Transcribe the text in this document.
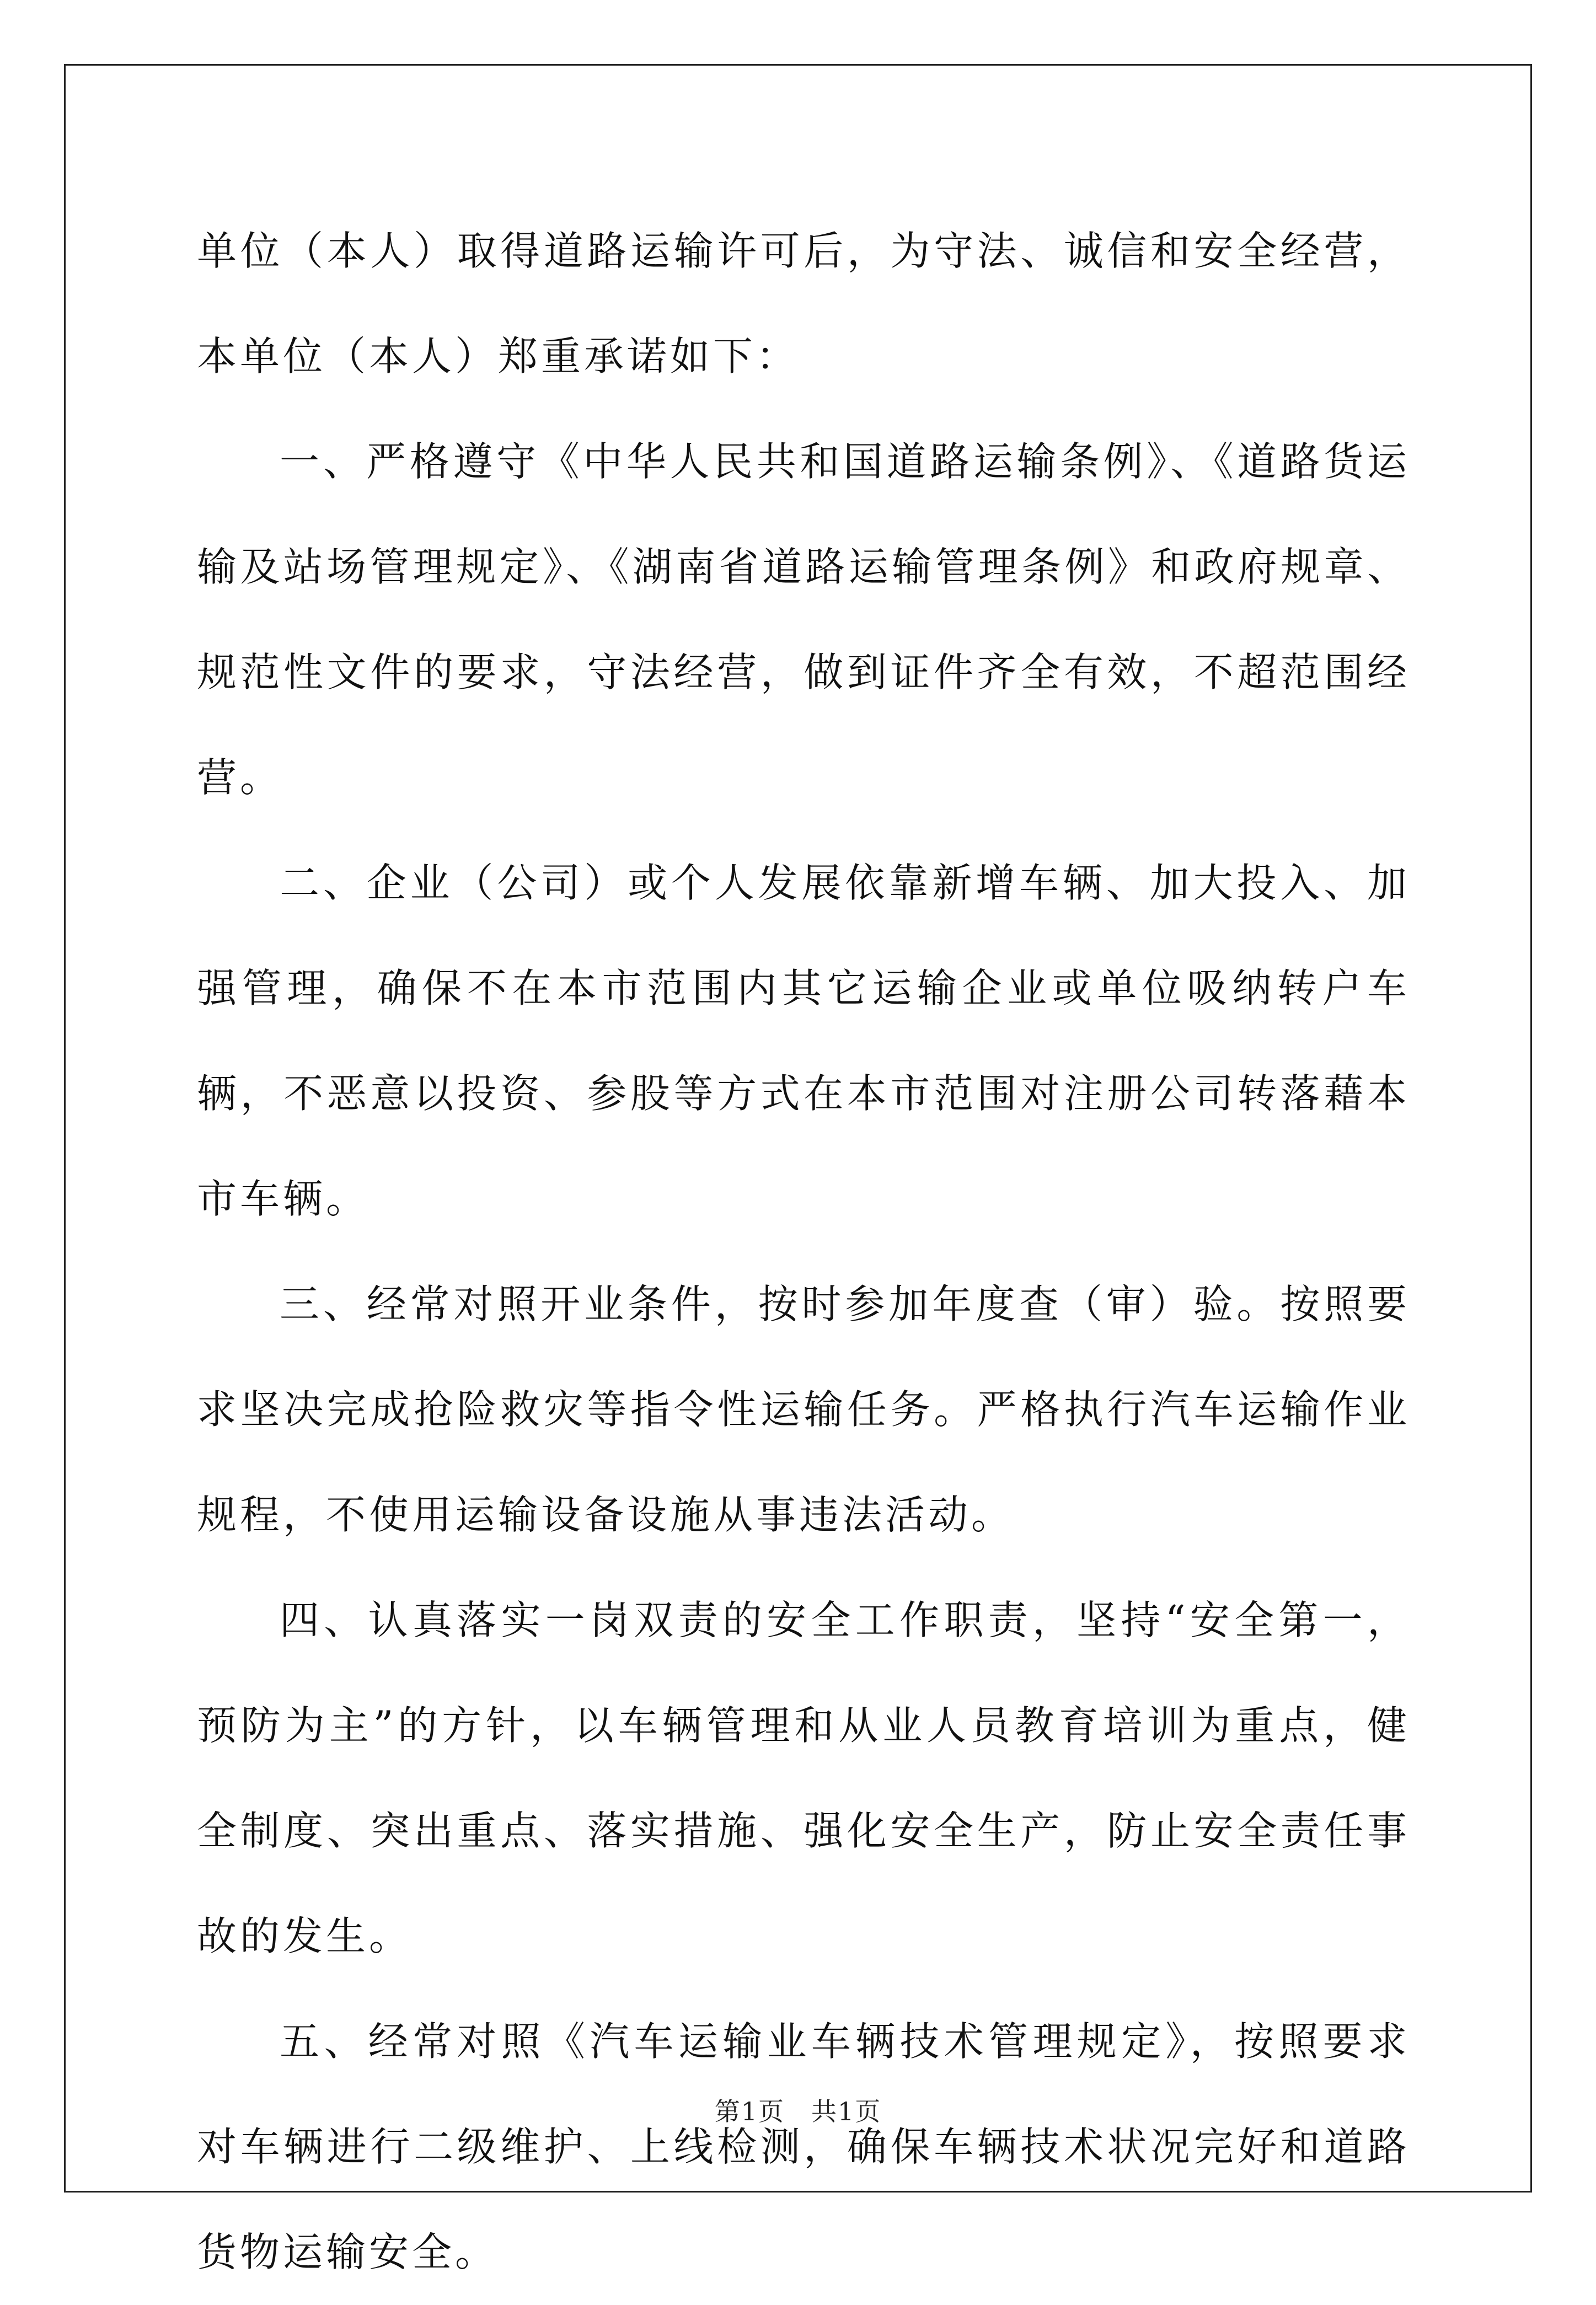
单位（本人）取得道路运输许可后，为守法、诚信和安全经营，本单位（本人）郑重承诺如下：

一、严格遵守《中华人民共和国道路运输条例》、《道路货运输及站场管理规定》、《湖南省道路运输管理条例》和政府规章、规范性文件的要求，守法经营，做到证件齐全有效，不超范围经营。

二、企业（公司）或个人发展依靠新增车辆、加大投入、加强管理，确保不在本市范围内其它运输企业或单位吸纳转户车辆，不恶意以投资、参股等方式在本市范围对注册公司转落藉本市车辆。

三、经常对照开业条件，按时参加年度查（审）验。按照要求坚决完成抢险救灾等指令性运输任务。严格执行汽车运输作业规程，不使用运输设备设施从事违法活动。

四、认真落实一岗双责的安全工作职责，坚持“安全第一，预防为主”的方针，以车辆管理和从业人员教育培训为重点，健全制度、突出重点、落实措施、强化安全生产，防止安全责任事故的发生。

五、经常对照《汽车运输业车辆技术管理规定》，按照要求对车辆进行二级维护、上线检测，确保车辆技术状况完好和道路货物运输安全。

第1页　共1页
